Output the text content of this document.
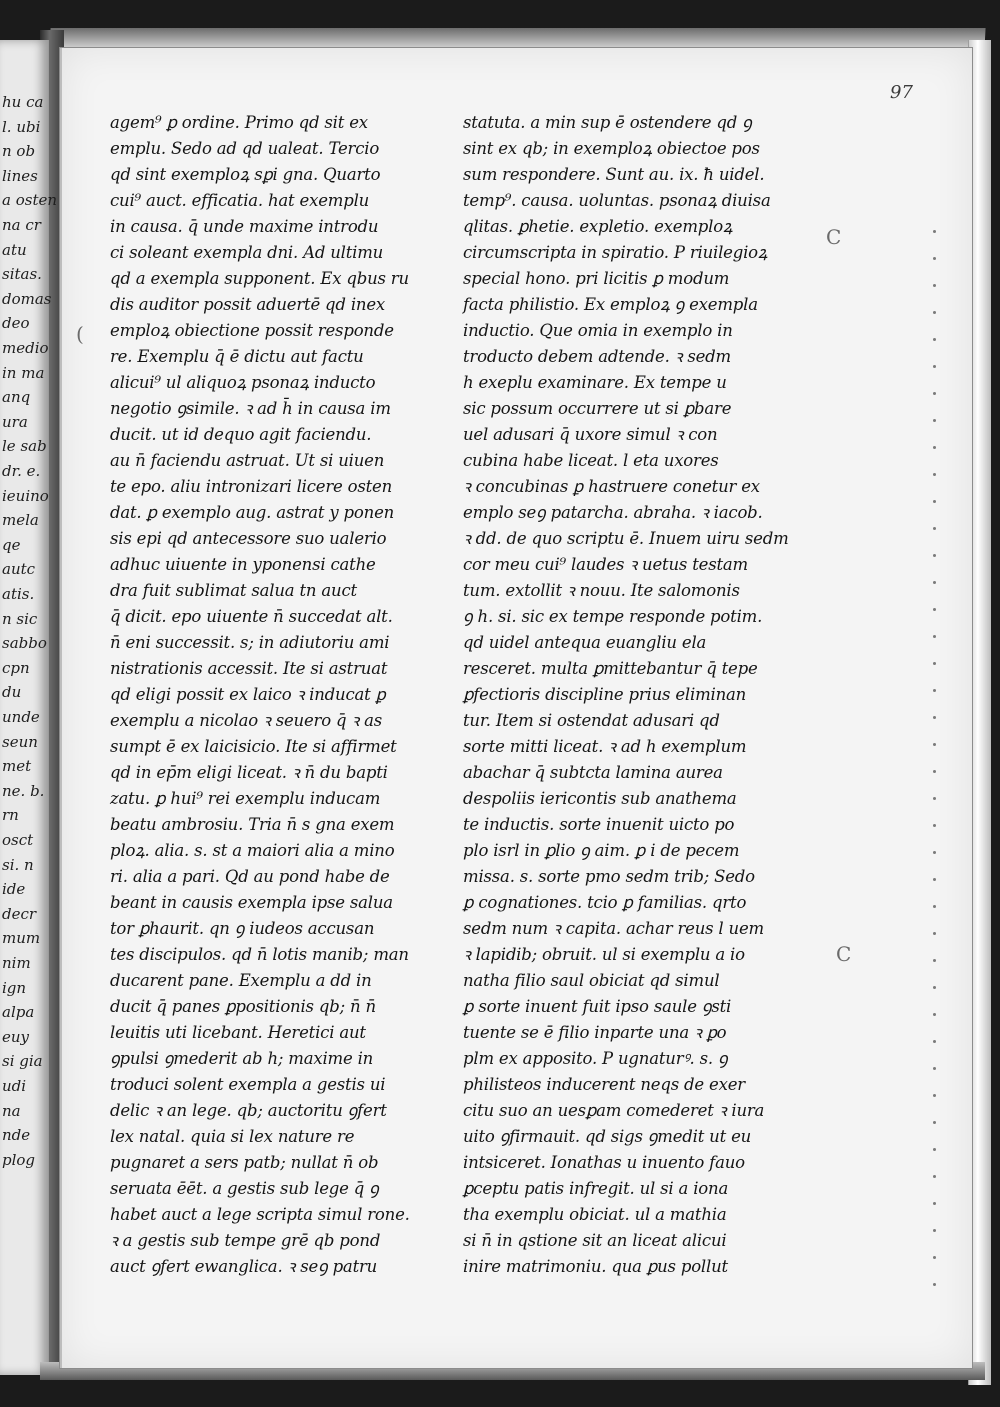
hu ca
l. ubi
n ob
lines
a osten
na cr
atu
sitas.
domas
deo
medio
in ma
anq
ura
le sab
dr. e.
ieuino
mela
qe
autc
atis.
n sic
sabbo
cpn
du
unde
seun
met
ne. b.
rn
osct
si. n
ide
decr
mum
nim
ign
alpa
euy
si gia
udi
na
nde
plog
97
(
C
C
agem⁹ ꝑ ordine. Primo qd sit ex
emplu. Sedo ad qd ualeat. Tercio
qd sint exemploꝝ sꝑi gna. Quarto
cui⁹ auct. efficatia. hat exemplu
in causa. q̄ unde maxime introdu
ci soleant exempla dni. Ad ultimu
qd a exempla supponent. Ex qbus ru
dis auditor possit aduertē qd inex
emploꝝ obiectione possit responde
re. Exemplu q̄ ē dictu aut factu
alicui⁹ ul aliquoꝝ psonaꝝ inducto
negotio ꝯsimile. ꝛ ad h̄ in causa im
ducit. ut id dequo agit faciendu.
au n̄ faciendu astruat. Ut si uiuen
te epo. aliu intronizari licere osten
dat. ꝑ exemplo aug. astrat y ponen
sis epi qd antecessore suo ualerio
adhuc uiuente in yponensi cathe
dra fuit sublimat salua tn auct
q̄ dicit. epo uiuente n̄ succedat alt.
n̄ eni successit. s; in adiutoriu ami
nistrationis accessit. Ite si astruat
qd eligi possit ex laico ꝛ inducat ꝑ
exemplu a nicolao ꝛ seuero q̄ ꝛ as
sumpt ē ex laicisicio. Ite si affirmet
qd in ep̄m eligi liceat. ꝛ n̄ du bapti
zatu. ꝑ hui⁹ rei exemplu inducam
beatu ambrosiu. Tria n̄ s gna exem
ploꝝ. alia. s. st a maiori alia a mino
ri. alia a pari. Qd au pond habe de
beant in causis exempla ipse salua
tor ꝑhaurit. qn ꝯ iudeos accusan
tes discipulos. qd n̄ lotis manib; man
ducarent pane. Exemplu a dd in
ducit q̄ panes ꝑpositionis qb; n̄ n̄
leuitis uti licebant. Heretici aut
ꝯpulsi ꝯmederit ab h; maxime in
troduci solent exempla a gestis ui
delic ꝛ an lege. qb; auctoritu ꝯfert
lex natal. quia si lex nature re
pugnaret a sers patb; nullat n̄ ob
seruata ēēt. a gestis sub lege q̄ ꝯ
habet auct a lege scripta simul rone.
ꝛ a gestis sub tempe grē qb pond
auct ꝯfert ewanglica. ꝛ seꝯ patru
statuta. a min sup ē ostendere qd ꝯ
sint ex qb; in exemploꝝ obiectoe pos
sum respondere. Sunt au. ix. ħ uidel.
temp⁹. causa. uoluntas. psonaꝝ diuisa
qlitas. ꝑhetie. expletio. exemploꝝ
circumscripta in spiratio. P riuilegioꝝ
special hono. pri licitis ꝑ modum
facta philistio. Ex emploꝝ ꝯ exempla
inductio. Que omia in exemplo in
troducto debem adtende. ꝛ sedm
h exeplu examinare. Ex tempe u
sic possum occurrere ut si ꝑbare
uel adusari q̄ uxore simul ꝛ con
cubina habe liceat. l eta uxores
ꝛ concubinas ꝑ hastruere conetur ex
emplo seꝯ patarcha. abraha. ꝛ iacob.
ꝛ dd. de quo scriptu ē. Inuem uiru sedm
cor meu cui⁹ laudes ꝛ uetus testam
tum. extollit ꝛ nouu. Ite salomonis
ꝯ h. si. sic ex tempe responde potim.
qd uidel antequa euangliu ela
resceret. multa ꝑmittebantur q̄ tepe
ꝑfectioris discipline prius eliminan
tur. Item si ostendat adusari qd
sorte mitti liceat. ꝛ ad h exemplum
abachar q̄ subtcta lamina aurea
despoliis iericontis sub anathema
te inductis. sorte inuenit uicto po
plo isrl in ꝑlio ꝯ aim. ꝑ i de pecem
missa. s. sorte pmo sedm trib; Sedo
ꝑ cognationes. tcio ꝑ familias. qrto
sedm num ꝛ capita. achar reus l uem
ꝛ lapidib; obruit. ul si exemplu a io
natha filio saul obiciat qd simul
ꝑ sorte inuent fuit ipso saule ꝯsti
tuente se ē filio inparte una ꝛ ꝑo
plm ex apposito. P ugnaturꝰ. s. ꝯ
philisteos inducerent neqs de exer
citu suo an uesꝑam comederet ꝛ iura
uito ꝯfirmauit. qd sigs ꝯmedit ut eu
intsiceret. Ionathas u inuento fauo
ꝑceptu patis infregit. ul si a iona
tha exemplu obiciat. ul a mathia
si n̄ in qstione sit an liceat alicui
inire matrimoniu. qua ꝑus pollut
